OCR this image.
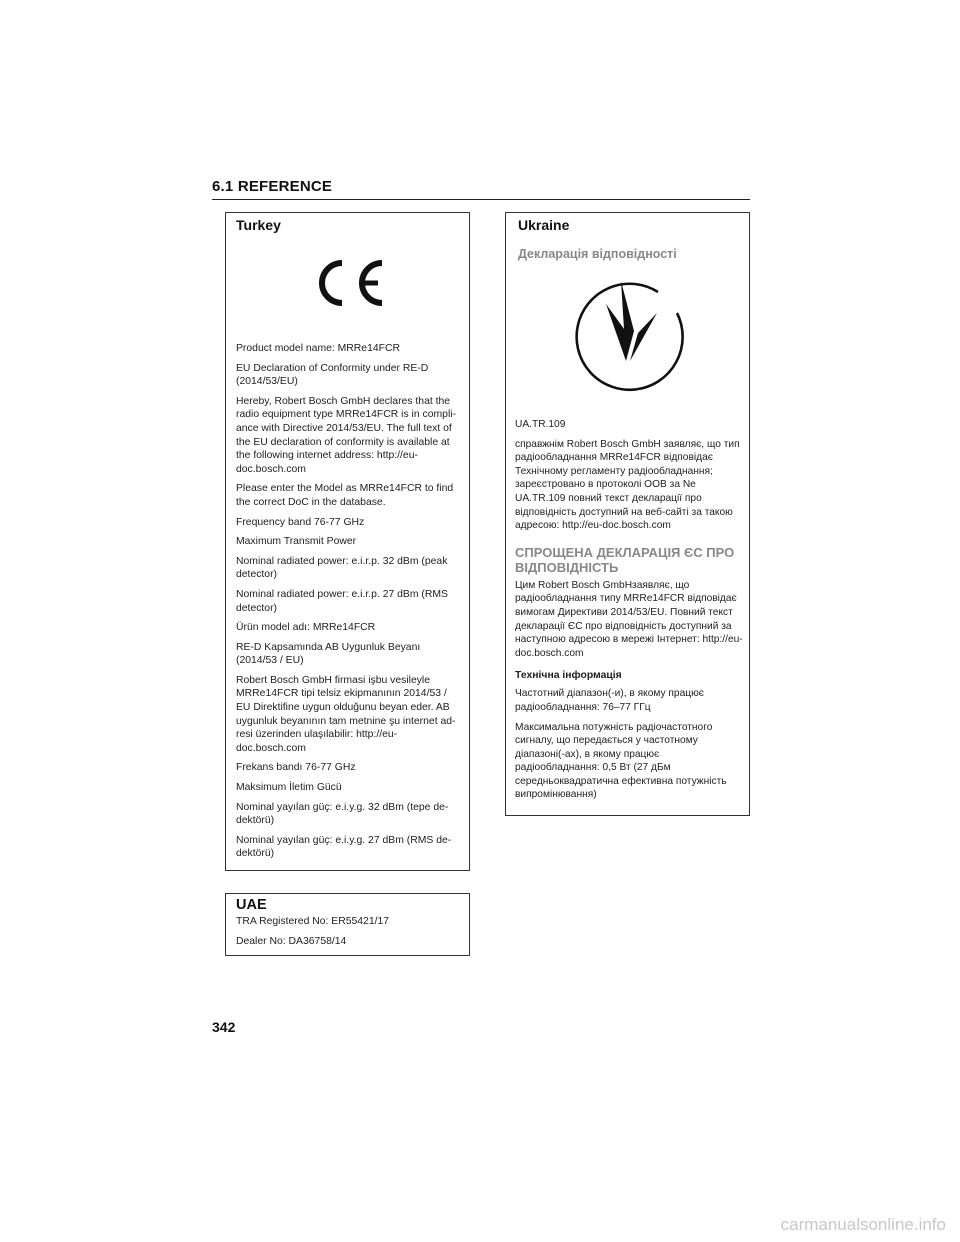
6.1 REFERENCE
Turkey

Product model name: MRRe14FCR

EU Declaration of Conformity under RE-D (2014/53/EU)

Hereby, Robert Bosch GmbH declares that the radio equipment type MRRe14FCR is in compli-ance with Directive 2014/53/EU. The full text of the EU declaration of conformity is available at the following internet address: http://eu-doc.bosch.com

Please enter the Model as MRRe14FCR to find the correct DoC in the database.

Frequency band 76-77 GHz

Maximum Transmit Power

Nominal radiated power: e.i.r.p. 32 dBm (peak detector)

Nominal radiated power: e.i.r.p. 27 dBm (RMS detector)

Ürün model adı: MRRe14FCR

RE-D Kapsamında AB Uygunluk Beyanı (2014/53 / EU)

Robert Bosch GmbH firmasi işbu vesileyle MRRe14FCR tipi telsiz ekipmanının 2014/53 / EU Direktifine uygun olduğunu beyan eder. AB uygunluk beyanının tam metnine şu internet ad-resi üzerinden ulaşılabilir: http://eu-doc.bosch.com

Frekans bandı 76-77 GHz

Maksimum İletim Gücü

Nominal yayılan güç: e.i.y.g. 32 dBm (tepe de-dektörü)

Nominal yayılan güç: e.i.y.g. 27 dBm (RMS de-dektörü)

Ukraine
Декларація відповідності

UA.TR.109

справжнім Robert Bosch GmbH заявляє, що тип радіообладнання MRRe14FCR відповідає Технічному регламенту радіообладнання; зареєстровано в протоколі OOB за Ne UA.TR.109 повний текст декларації про відповідність доступний на веб-сайті за такою адресою: http://eu-doc.bosch.com

СПРОЩЕНА ДЕКЛАРАЦІЯ ЄС ПРО ВІДПОВІДНІСТЬ

Цим Robert Bosch GmbHзаявляє, що радіообладнання типу MRRe14FCR відповідає вимогам Директиви 2014/53/EU. Повний текст декларації ЄС про відповідність доступний за наступною адресою в мережі Інтернет: http://eu-doc.bosch.com

Технічна інформація

Частотний діапазон(-и), в якому працює радіообладнання: 76–77 ГГц

Максимальна потужність радіочастотного сигналу, що передається у частотному діапазоні(-ах), в якому працює радіообладнання: 0,5 Вт (27 дБм середньоквадратична ефективна потужність випромінювання)

UAE

TRA Registered No: ER55421/17

Dealer No: DA36758/14

342
carmanualsonline.info
